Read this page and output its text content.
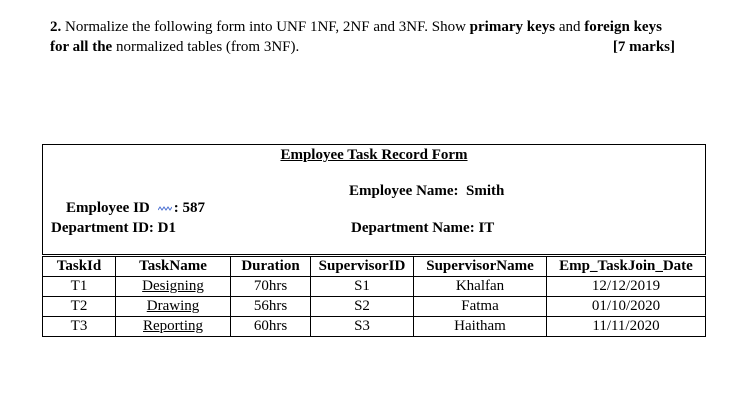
2. Normalize the following form into UNF 1NF, 2NF and 3NF. Show primary keys and foreign keys for all the normalized tables (from 3NF).	[7 marks]
Employee Task Record Form

Employee ID : 587

Employee Name:  Smith
Department ID: D1	Department Name: IT
TaskId	TaskName	Duration	SupervisorID	SupervisorName	Emp_TaskJoin_Date
T1	Designing	70hrs	S1	Khalfan	12/12/2019
T2	Drawing	56hrs	S2	Fatma	01/10/2020
T3	Reporting	60hrs	S3	Haitham	11/11/2020
